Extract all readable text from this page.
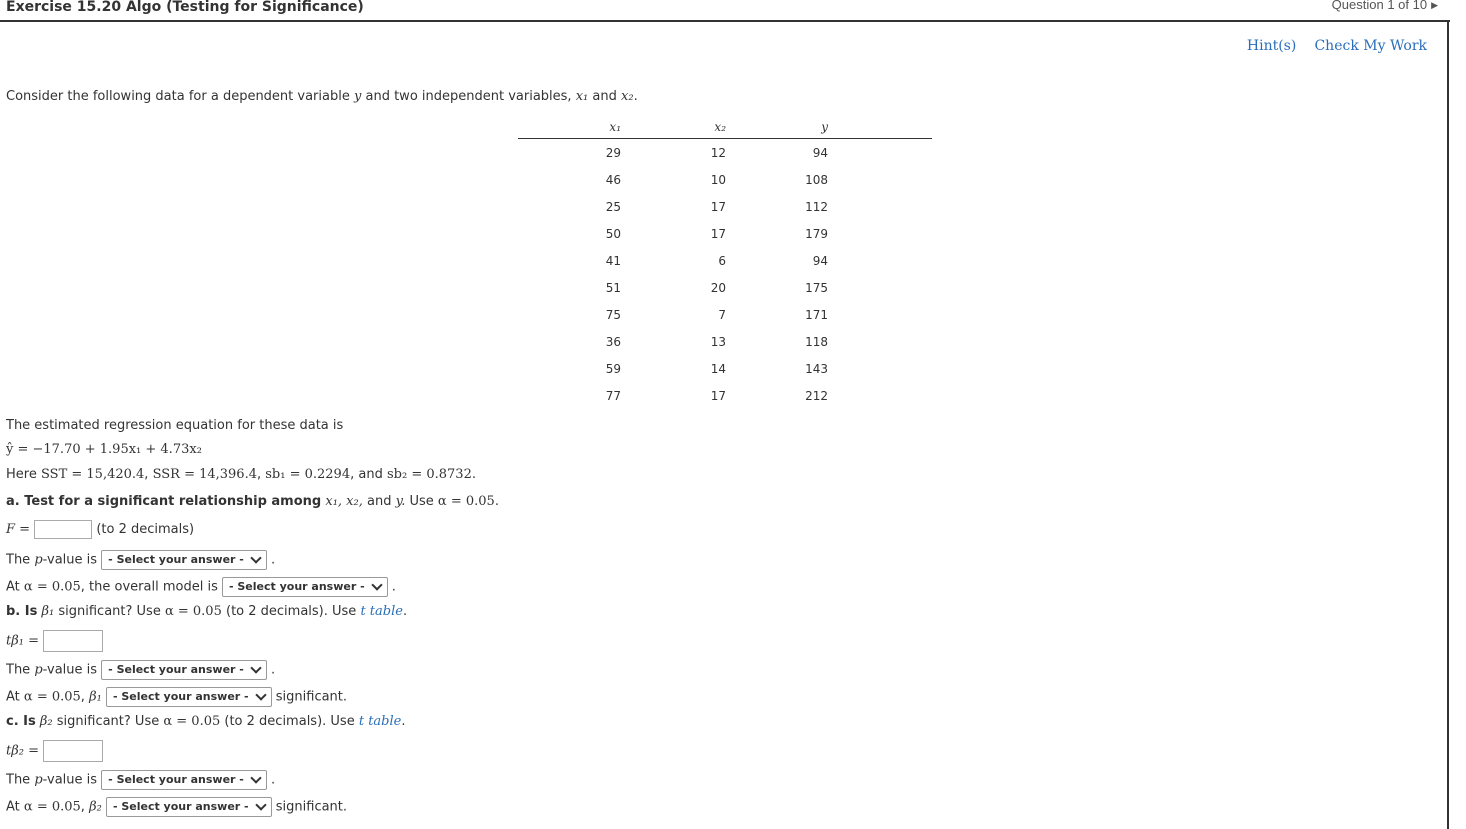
Exercise 15.20 Algo (Testing for Significance)	Question 1 of 10 ▶
Hint(s) Check My Work
Consider the following data for a dependent variable y and two independent variables, x₁ and x₂.
x₁	x₂	y	
29	12	94	
46	10	108	
25	17	112	
50	17	179	
41	6	94	
51	20	175	
75	7	171	
36	13	118	
59	14	143	
77	17	212	
The estimated regression equation for these data is
ŷ = −17.70 + 1.95x₁ + 4.73x₂
Here SST = 15,420.4, SSR = 14,396.4, sb₁ = 0.2294, and sb₂ = 0.8732.
a. Test for a significant relationship among x₁, x₂, and y. Use α = 0.05.
F =	(to 2 decimals)
The p-value is - Select your answer -
.
At α = 0.05, the overall model is - Select your answer -
.
b. Is β₁ significant? Use α = 0.05 (to 2 decimals). Use t table.
tβ₁ =
The p-value is - Select your answer -
.
At α = 0.05, β₁ - Select your answer - significant.
c. Is β₂ significant? Use α = 0.05 (to 2 decimals). Use t table.
tβ₂ =
The p-value is - Select your answer -
.
At α = 0.05, β₂ - Select your answer - significant.
